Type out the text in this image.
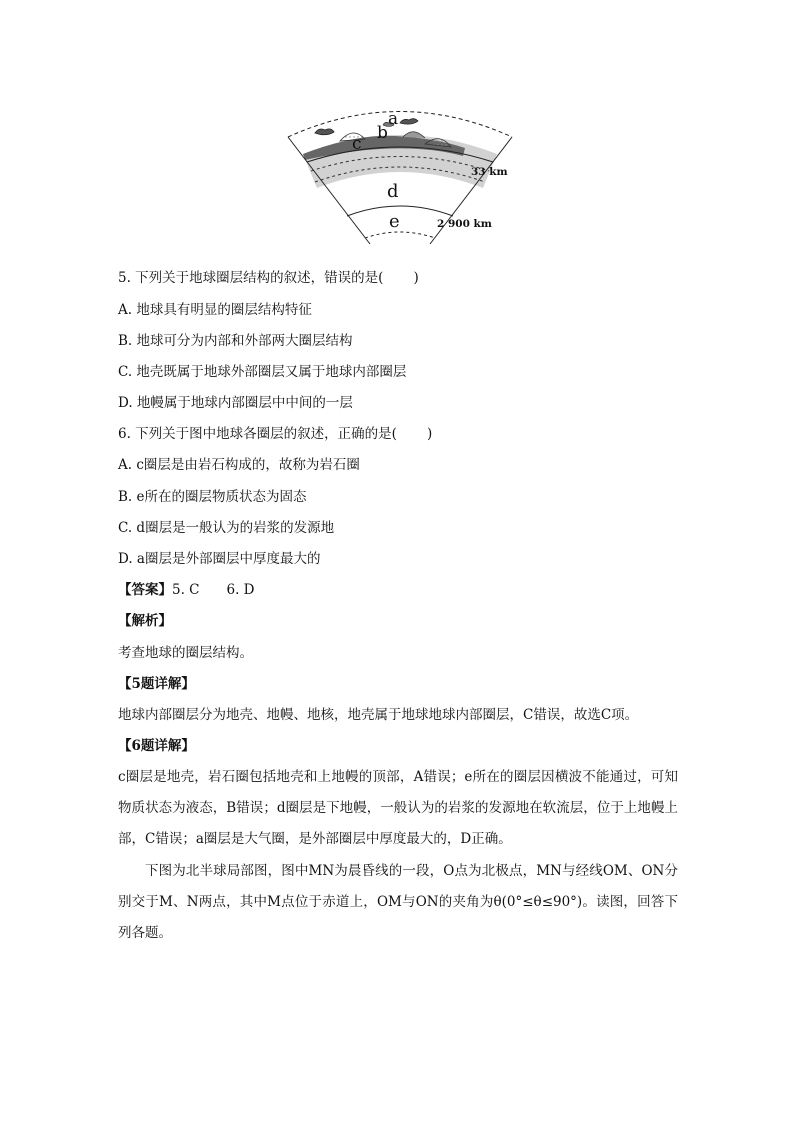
a
b
c
d
e
33 km
2 900 km
5. 下列关于地球圈层结构的叙述，错误的是( )
A. 地球具有明显的圈层结构特征
B. 地球可分为内部和外部两大圈层结构
C. 地壳既属于地球外部圈层又属于地球内部圈层
D. 地幔属于地球内部圈层中中间的一层
6. 下列关于图中地球各圈层的叙述，正确的是( )
A. c圈层是由岩石构成的，故称为岩石圈
B. e所在的圈层物质状态为固态
C. d圈层是一般认为的岩浆的发源地
D. a圈层是外部圈层中厚度最大的
【答案】5. C　　6. D
【解析】
考查地球的圈层结构。
【5题详解】
地球内部圈层分为地壳、地幔、地核，地壳属于地球地球内部圈层，C错误，故选C项。
【6题详解】
c圈层是地壳，岩石圈包括地壳和上地幔的顶部，A错误；e所在的圈层因横波不能通过，可知物质状态为液态，B错误；d圈层是下地幔，一般认为的岩浆的发源地在软流层，位于上地幔上部，C错误；a圈层是大气圈，是外部圈层中厚度最大的，D正确。
下图为北半球局部图，图中MN为晨昏线的一段，O点为北极点，MN与经线OM、ON分别交于M、N两点，其中M点位于赤道上，OM与ON的夹角为θ(0°≤θ≤90°)。读图，回答下列各题。
